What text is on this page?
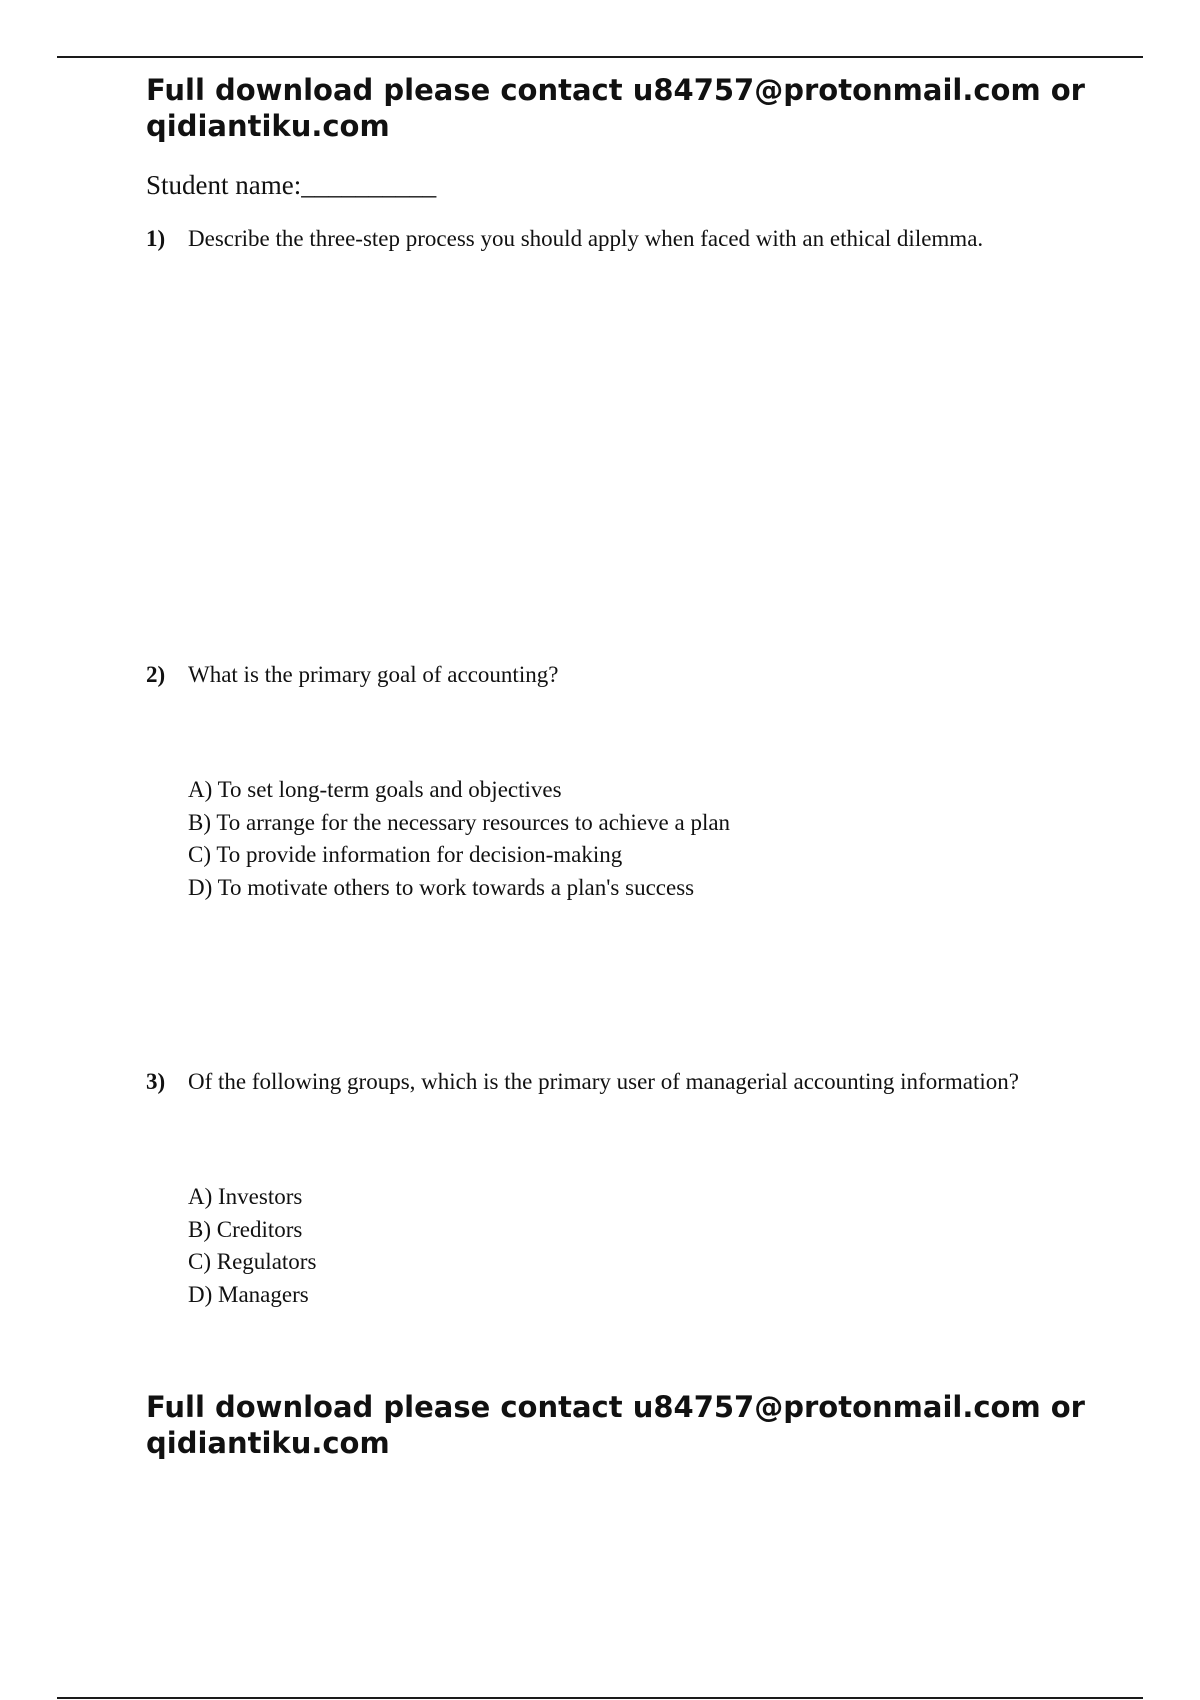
Full download please contact u84757@protonmail.com or
qidiantiku.com

Student name:__________

1) Describe the three-step process you should apply when faced with an ethical dilemma.

2) What is the primary goal of accounting?

A) To set long-term goals and objectives
B) To arrange for the necessary resources to achieve a plan
C) To provide information for decision-making
D) To motivate others to work towards a plan's success

3) Of the following groups, which is the primary user of managerial accounting information?

A) Investors
B) Creditors
C) Regulators
D) Managers

Full download please contact u84757@protonmail.com or
qidiantiku.com
